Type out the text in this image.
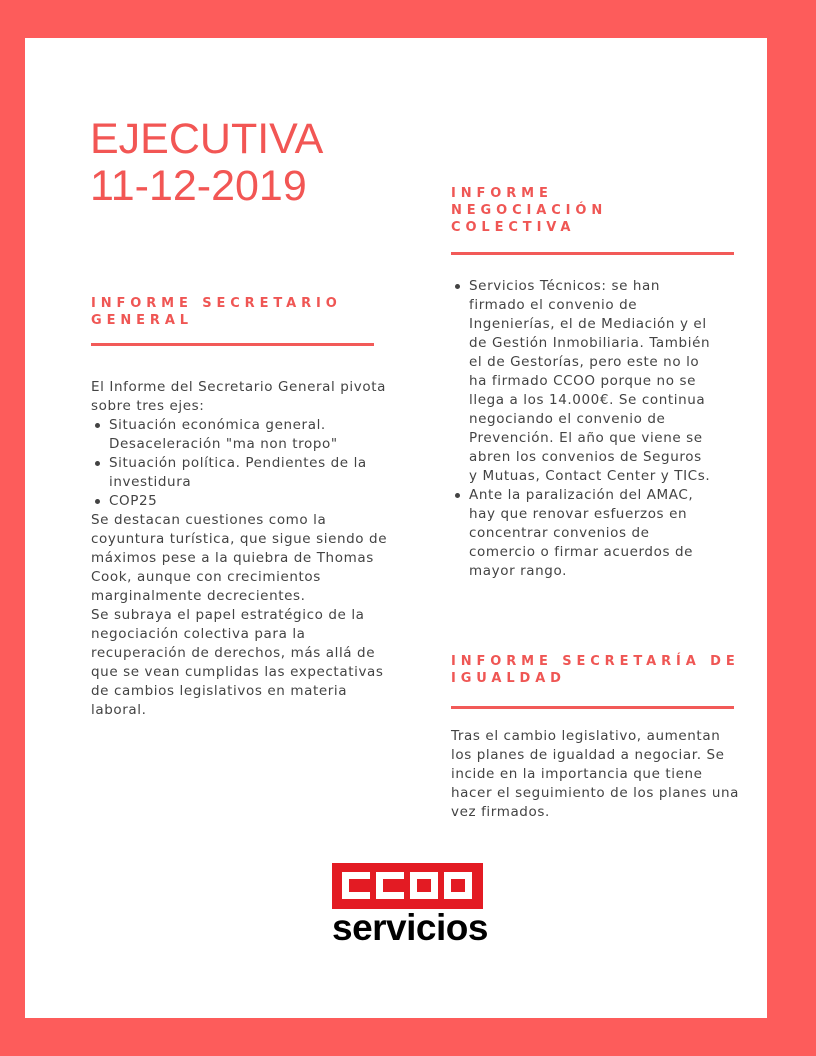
EJECUTIVA
11-12-2019
INFORME SECRETARIO GENERAL

El Informe del Secretario General pivota sobre tres ejes:

Situación económica general. Desaceleración "ma non tropo"
Situación política. Pendientes de la investidura
COP25

Se destacan cuestiones como la coyuntura turística, que sigue siendo de máximos pese a la quiebra de Thomas Cook, aunque con crecimientos marginalmente decrecientes.

Se subraya el papel estratégico de la negociación colectiva para la recuperación de derechos, más allá de que se vean cumplidas las expectativas de cambios legislativos en materia laboral.

INFORME NEGOCIACIÓN COLECTIVA
Servicios Técnicos: se han firmado el convenio de Ingenierías, el de Mediación y el de Gestión Inmobiliaria. También el de Gestorías, pero este no lo ha firmado CCOO porque no se llega a los 14.000€. Se continua negociando el convenio de Prevención. El año que viene se abren los convenios de Seguros y Mutuas, Contact Center y TICs.
Ante la paralización del AMAC, hay que renovar esfuerzos en concentrar convenios de comercio o firmar acuerdos de mayor rango.
INFORME SECRETARÍA DE IGUALDAD

Tras el cambio legislativo, aumentan los planes de igualdad a negociar. Se incide en la importancia que tiene hacer el seguimiento de los planes una vez firmados.

servicios
